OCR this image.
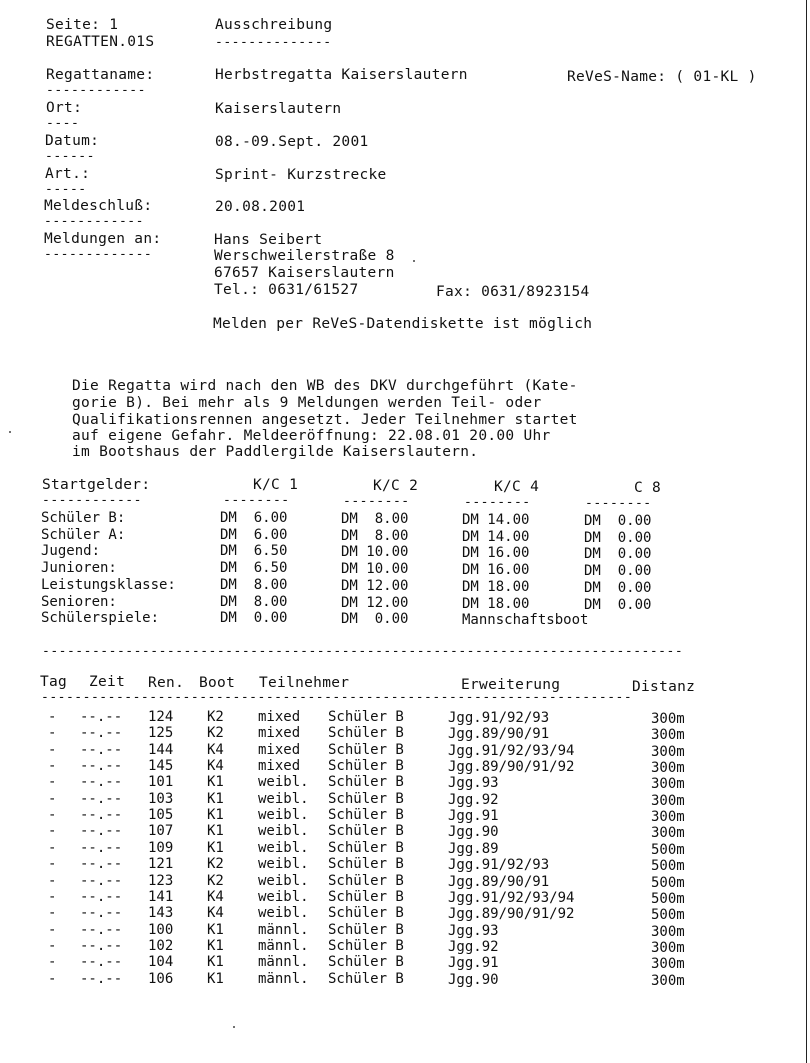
Seite: 1
REGATTEN.01S
Ausschreibung
--------------
Regattaname:
------------
Herbstregatta Kaiserslautern	ReVeS-Name: ( 01-KL )
Ort:
----
Kaiserslautern
Datum:
------
08.-09.Sept. 2001
Art.:
-----
Sprint- Kurzstrecke
Meldeschluß:
------------
20.08.2001
Meldungen an:
-------------
Hans Seibert
Werschweilerstraße 8
67657 Kaiserslautern
Tel.: 0631/61527	Fax: 0631/8923154
Melden per ReVeS-Datendiskette ist möglich
Die Regatta wird nach den WB des DKV durchgeführt (Kate-
gorie B). Bei mehr als 9 Meldungen werden Teil- oder
Qualifikationsrennen angesetzt. Jeder Teilnehmer startet
auf eigene Gefahr. Meldeeröffnung: 22.08.01 20.00 Uhr
im Bootshaus der Paddlergilde Kaiserslautern.
Startgelder:
------------
K/C 1	K/C 2	K/C 4	C 8
--------	--------	--------	--------
Schüler B:	DM  6.00	DM  8.00	DM 14.00	DM  0.00
Schüler A:	DM  6.00	DM  8.00	DM 14.00	DM  0.00
Jugend:	DM  6.50	DM 10.00	DM 16.00	DM  0.00
Junioren:	DM  6.50	DM 10.00	DM 16.00	DM  0.00
Leistungsklasse:	DM  8.00	DM 12.00	DM 18.00	DM  0.00
Senioren:	DM  8.00	DM 12.00	DM 18.00	DM  0.00
Schülerspiele:	DM  0.00	DM  0.00	Mannschaftsboot
-----------------------------------------------------------------------------
Tag Zeit Ren. Boot Teilnehmer	Erweiterung	Distanz
-----------------------------------------------------------------------
- --.-- 124 K2 mixed Schüler B	Jgg.91/92/93	300m
- --.-- 125 K2 mixed Schüler B	Jgg.89/90/91	300m
- --.-- 144 K4 mixed Schüler B	Jgg.91/92/93/94	300m
- --.-- 145 K4 mixed Schüler B	Jgg.89/90/91/92	300m
- --.-- 101 K1 weibl. Schüler B	Jgg.93	300m
- --.-- 103 K1 weibl. Schüler B	Jgg.92	300m
- --.-- 105 K1 weibl. Schüler B	Jgg.91	300m
- --.-- 107 K1 weibl. Schüler B	Jgg.90	300m
- --.-- 109 K1 weibl. Schüler B	Jgg.89	500m
- --.-- 121 K2 weibl. Schüler B	Jgg.91/92/93	500m
- --.-- 123 K2 weibl. Schüler B	Jgg.89/90/91	500m
- --.-- 141 K4 weibl. Schüler B	Jgg.91/92/93/94	500m
- --.-- 143 K4 weibl. Schüler B	Jgg.89/90/91/92	500m
- --.-- 100 K1 männl. Schüler B	Jgg.93	300m
- --.-- 102 K1 männl. Schüler B	Jgg.92	300m
- --.-- 104 K1 männl. Schüler B	Jgg.91	300m
- --.-- 106 K1 männl. Schüler B	Jgg.90	300m
